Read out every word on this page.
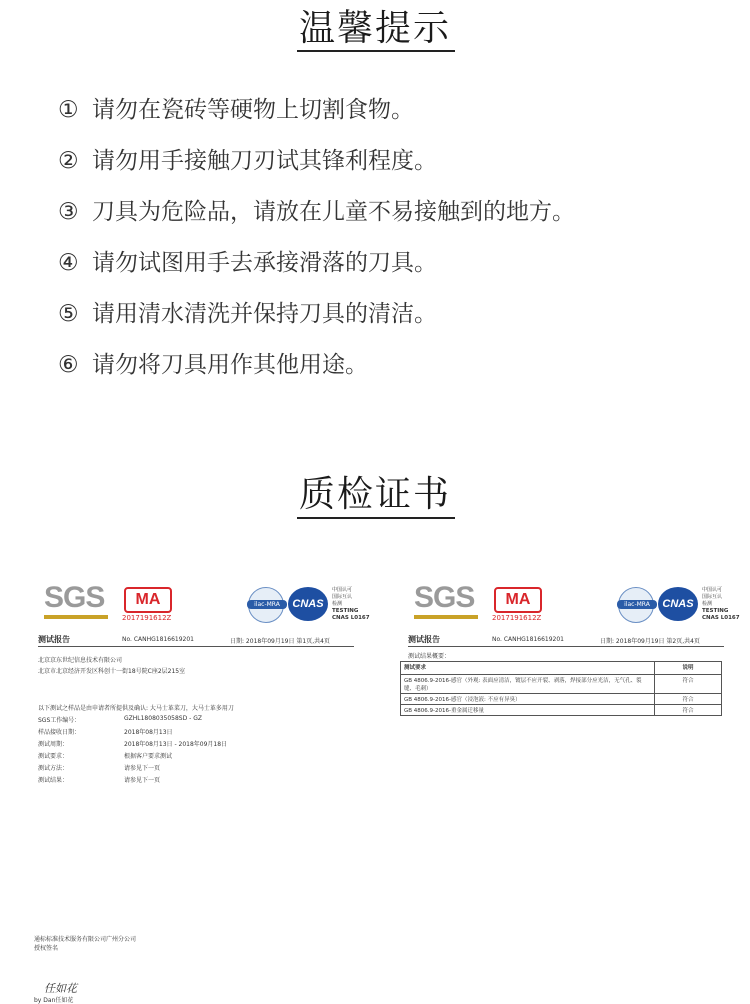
温馨提示
① 请勿在瓷砖等硬物上切割食物。
② 请勿用手接触刀刃试其锋利程度。
③ 刀具为危险品，请放在儿童不易接触到的地方。
④ 请勿试图用手去承接滑落的刀具。
⑤ 请用清水清洗并保持刀具的清洁。
⑥ 请勿将刀具用作其他用途。
质检证书
SGS	MA
2017191612Z
ilac-MRA	CNAS
中国认可
国际互认
检测
TESTING
CNAS L0167
测试报告	No. CANHG1816619201	日期: 2018年09月19日 第1页,共4页
北京京东世纪信息技术有限公司
北京市北京经济开发区科创十一街18号院C座2层215室
以下测试之样品是由申请者所提供及确认: 大马士革菜刀，大马士革多用刀
SGS工作编号：	GZHL1808035058SD - GZ
样品接收日期：	2018年08月13日
测试周期：	2018年08月13日 - 2018年09月18日
测试要求：	根据客户要求测试
测试方法：	请参见下一页
测试结果：	请参见下一页
通标标准技术服务有限公司广州分公司
授权签名
任如花
by Dan任如花
SGS	MA
2017191612Z
ilac-MRA	CNAS
中国认可
国际互认
检测
TESTING
CNAS L0167
测试报告	No. CANHG1816619201	日期: 2018年09月19日 第2页,共4页
测试结果概要：
测试要求	说明
GB 4806.9-2016-感官（外观: 表面应清洁，镀层不应开裂、剥落，焊接部分应光洁，无气孔、裂缝、毛刺）	符合
GB 4806.9-2016-感官（浸泡液: 不应有异臭）	符合
GB 4806.9-2016-重金属迁移量	符合
